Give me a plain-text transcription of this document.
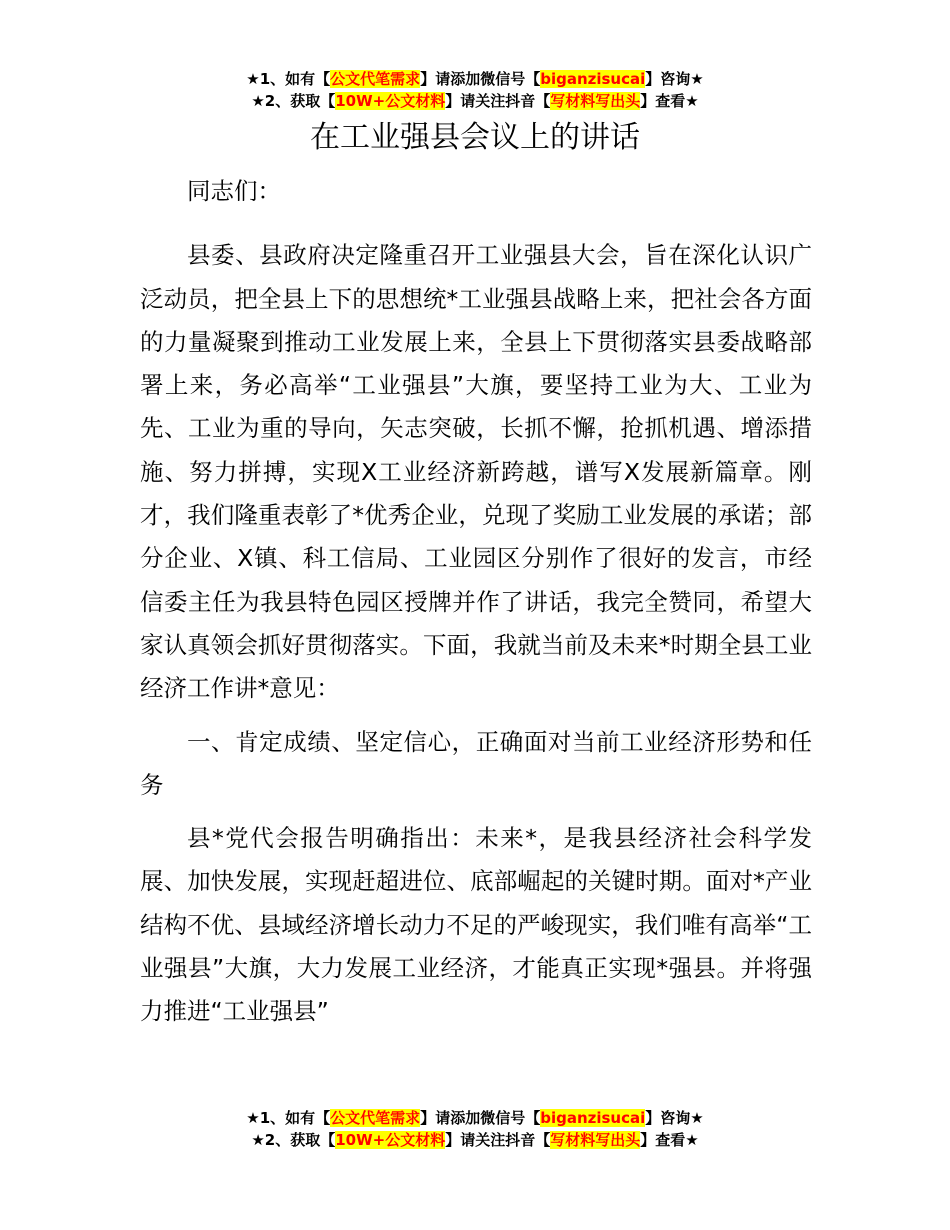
★1、如有【公文代笔需求】请添加微信号【biganzisucai】咨询★
★2、获取【10W+公文材料】请关注抖音【写材料写出头】查看★
在工业强县会议上的讲话

同志们：

县委、县政府决定隆重召开工业强县大会，旨在深化认识广泛动员，把全县上下的思想统*工业强县战略上来，把社会各方面的力量凝聚到推动工业发展上来，全县上下贯彻落实县委战略部署上来，务必高举“工业强县”大旗，要坚持工业为大、工业为先、工业为重的导向，矢志突破，长抓不懈，抢抓机遇、增添措施、努力拼搏，实现X工业经济新跨越，谱写X发展新篇章。刚才，我们隆重表彰了*优秀企业，兑现了奖励工业发展的承诺；部分企业、X镇、科工信局、工业园区分别作了很好的发言，市经信委主任为我县特色园区授牌并作了讲话，我完全赞同，希望大家认真领会抓好贯彻落实。下面，我就当前及未来*时期全县工业经济工作讲*意见：

一、肯定成绩、坚定信心，正确面对当前工业经济形势和任务

县*党代会报告明确指出：未来*，是我县经济社会科学发展、加快发展，实现赶超进位、底部崛起的关键时期。面对*产业结构不优、县域经济增长动力不足的严峻现实，我们唯有高举“工业强县”大旗，大力发展工业经济，才能真正实现*强县。并将强力推进“工业强县”

★1、如有【公文代笔需求】请添加微信号【biganzisucai】咨询★
★2、获取【10W+公文材料】请关注抖音【写材料写出头】查看★
